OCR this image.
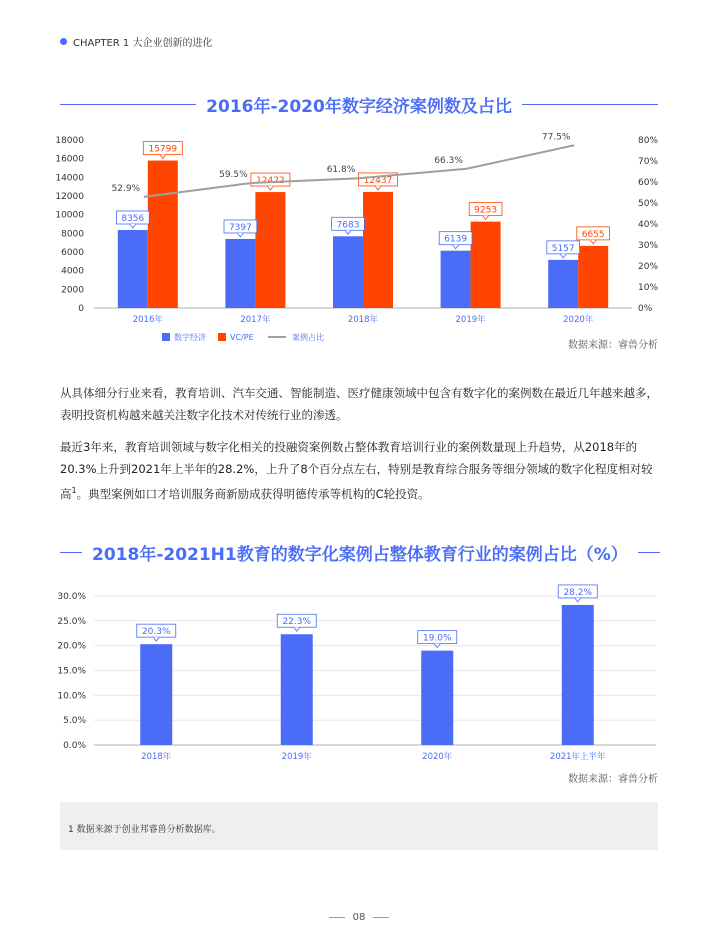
CHAPTER 1 大企业创新的进化
2016年-2020年数字经济案例数及占比
0
2000
4000
6000
8000
10000
12000
14000
16000
18000
0%
10%
20%
30%
40%
50%
60%
70%
80%
8356
15799
2016年
7397
12422
2017年
7683
12437
2018年
6139
9253
2019年
5157
6655
2020年
52.9%
59.5%	61.8%
66.3%
77.5%
数字经济	VC/PE	案例占比
数据来源：睿兽分析

从具体细分行业来看，教育培训、汽车交通、智能制造、医疗健康领域中包含有数字化的案例数在最近几年越来越多，表明投资机构越来越关注数字化技术对传统行业的渗透。

最近3年来，教育培训领域与数字化相关的投融资案例数占整体教育培训行业的案例数量现上升趋势，从2018年的20.3%上升到2021年上半年的28.2%，上升了8个百分点左右，特别是教育综合服务等细分领域的数字化程度相对较高$^1$。典型案例如口才培训服务商新励成获得明德传承等机构的C轮投资。

2018年-2021H1教育的数字化案例占整体教育行业的案例占比（%）
0.0%
5.0%
10.0%
15.0%
20.0%
25.0%
30.0%
20.3%
2018年
22.3%
2019年
19.0%
2020年
28.2%
2021年上半年
数据来源：睿兽分析
1 数据来源于创业邦睿兽分析数据库。
08
